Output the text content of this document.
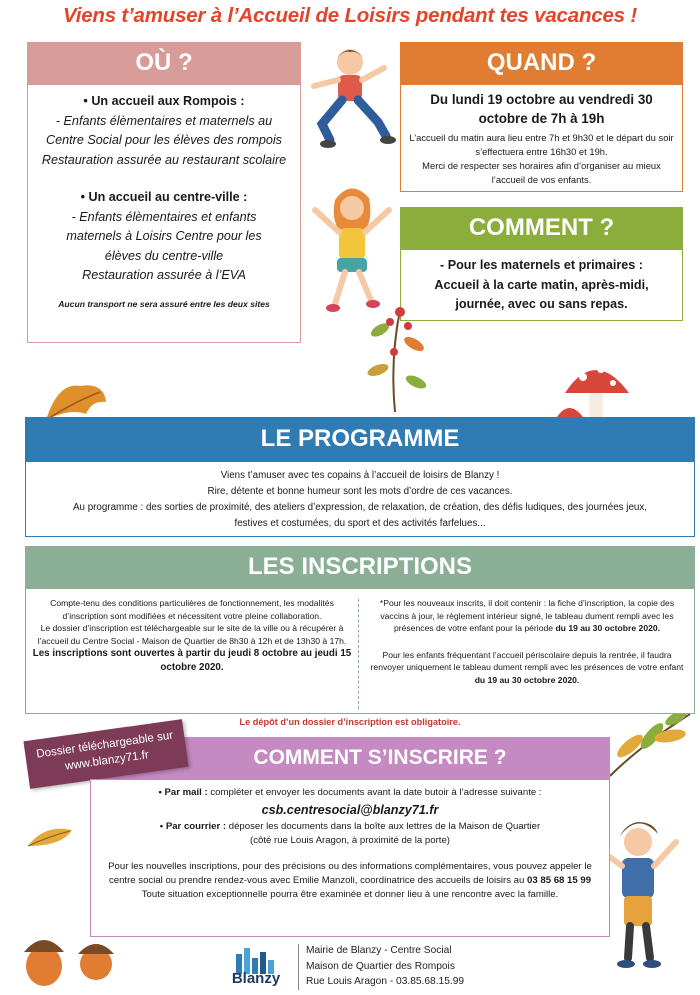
Viens t’amuser à l’Accueil de Loisirs pendant tes vacances !
OÙ ?

• Un accueil aux Rompois :

- Enfants élèmentaires et maternels au Centre Social pour les élèves des rompois

Restauration assurée au restaurant scolaire

• Un accueil au centre-ville :

- Enfants élèmentaires et enfants maternels à Loisirs Centre pour les élèves du centre-ville

Restauration assurée à l’EVA

Aucun transport ne sera assuré entre les deux sites

QUAND ?

Du lundi 19 octobre au vendredi 30 octobre de 7h à 19h

L’accueil du matin aura lieu entre 7h et 9h30 et le départ du soir s’effectuera entre 16h30 et 19h.

Merci de respecter ses horaires afin d’organiser au mieux l’accueil de vos enfants.

COMMENT ?

- Pour les maternels et primaires :

Accueil à la carte matin, après-midi, journée, avec ou sans repas.

LE PROGRAMME

Viens t’amuser avec tes copains à l’accueil de loisirs de Blanzy !

Rire, détente et bonne humeur sont les mots d’ordre de ces vacances.

Au programme : des sorties de proximité, des ateliers d’expression, de relaxation, de création, des défis ludiques, des journées jeux, festives et costumées, du sport et des activités farfelues...

LES INSCRIPTIONS

Compte-tenu des conditions particulières de fonctionnement, les modalités d’inscription sont modifiées et nécessitent votre pleine collaboration.

Le dossier d’inscription est téléchargeable sur le site de la ville ou à récupérer à l’accueil du Centre Social - Maison de Quartier de 8h30 à 12h et de 13h30 à 17h.

Les inscriptions sont ouvertes à partir du jeudi 8 octobre au jeudi 15 octobre 2020.

*Pour les nouveaux inscrits, il doit contenir : la fiche d’inscription, la copie des vaccins à jour, le règlement intérieur signé, le tableau dument rempli avec les présences de votre enfant pour la période du 19 au 30 octobre 2020.

Pour les enfants fréquentant l’accueil périscolaire depuis la rentrée, il faudra renvoyer uniquement le tableau dument rempli avec les présences de votre enfant du 19 au 30 octobre 2020.

Le dépôt d’un dossier d’inscription est obligatoire.
COMMENT S’INSCRIRE ?
Dossier téléchargeable sur www.blanzy71.fr

• Par mail : compléter et envoyer les documents avant la date butoir à l’adresse suivante :

csb.centresocial@blanzy71.fr

• Par courrier : déposer les documents dans la boîte aux lettres de la Maison de Quartier

(côté rue Louis Aragon, à proximité de la porte)

Pour les nouvelles inscriptions, pour des précisions ou des informations complémentaires, vous pouvez appeler le centre social ou prendre rendez-vous avec Emilie Manzoli, coordinatrice des accueils de loisirs au 03 85 68 15 99

Toute situation exceptionnelle pourra être examinée et donner lieu à une rencontre avec la famille.

Blanzy

Mairie de Blanzy - Centre Social

Maison de Quartier des Rompois

Rue Louis Aragon - 03.85.68.15.99
